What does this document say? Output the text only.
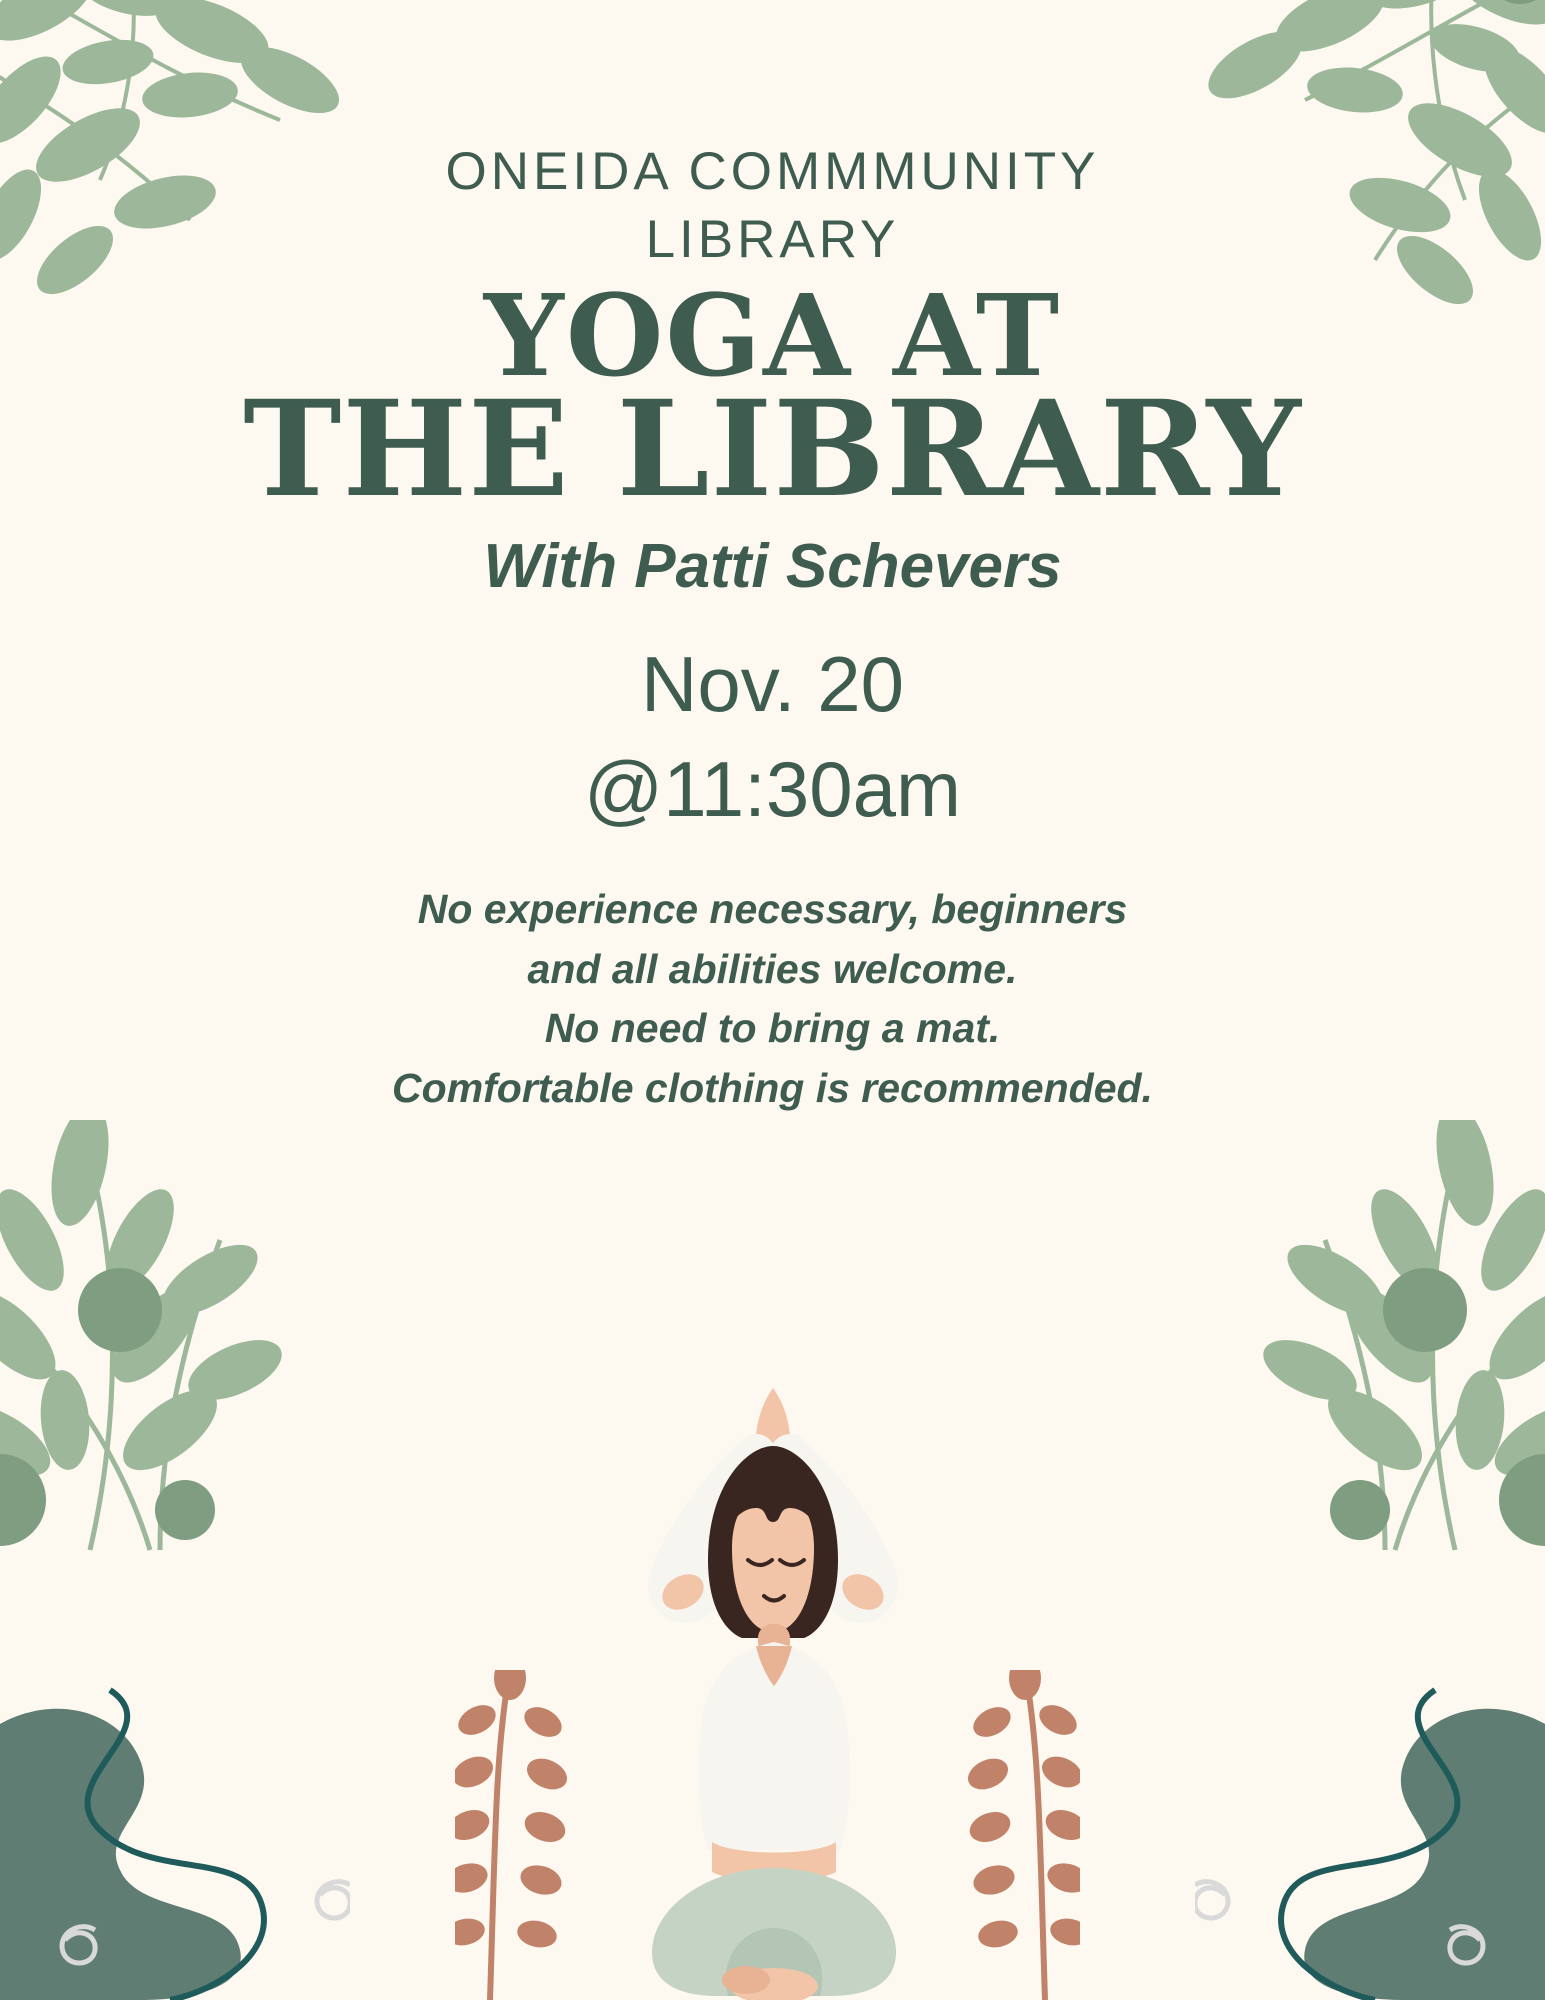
ONEIDA COMMMUNITY LIBRARY
YOGA AT
THE LIBRARY

With Patti Schevers

Nov. 20
@11:30am
No experience necessary, beginners
and all abilities welcome.
No need to bring a mat.
Comfortable clothing is recommended.
